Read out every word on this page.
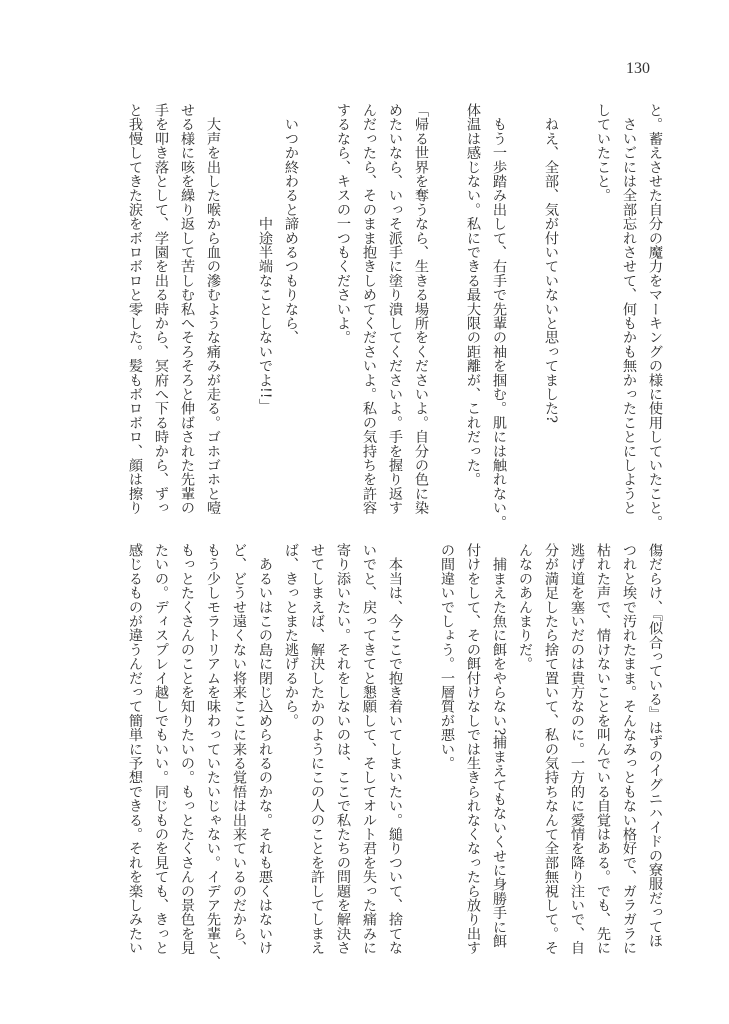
130
と。蓄えさせた自分の魔力をマーキングの様に使用していたこと。
　さいごには全部忘れさせて、何もかも無かったことにしようと
していたこと。
　ねえ、全部、気が付いていないと思ってました?
　もう一歩踏み出して、右手で先輩の袖を掴む。肌には触れない。
体温は感じない。私にできる最大限の距離が、これだった。
「帰る世界を奪うなら、生きる場所をくださいよ。自分の色に染
めたいなら、いっそ派手に塗り潰してくださいよ。手を握り返す
んだったら、そのまま抱きしめてくださいよ。私の気持ちを許容
するなら、キスの一つもくださいよ。
　いつか終わると諦めるつもりなら、
　　　　　　　　中途半端なことしないでよ!!」
　大声を出した喉から血の滲むような痛みが走る。ゴホゴホと噎
せる様に咳を繰り返して苦しむ私へそろそろと伸ばされた先輩の
手を叩き落として、学園を出る時から、冥府へ下る時から、ずっ
と我慢してきた涙をボロボロと零した。髪もボロボロ、顔は擦り
傷だらけ、『似合っている』はずのイグニハイドの寮服だってほ
つれと埃で汚れたまま。そんなみっともない格好で、ガラガラに
枯れた声で、情けないことを叫んでいる自覚はある。でも、先に
逃げ道を塞いだのは貴方なのに。一方的に愛情を降り注いで、自
分が満足したら捨て置いて、私の気持ちなんて全部無視して。そ
んなのあんまりだ。
　捕まえた魚に餌をやらない?捕まえてもないくせに身勝手に餌
付けをして、その餌付けなしでは生きられなくなったら放り出す
の間違いでしょう。一層質が悪い。
　本当は、今ここで抱き着いてしまいたい。縋りついて、捨てな
いでと、戻ってきてと懇願して、そしてオルト君を失った痛みに
寄り添いたい。それをしないのは、ここで私たちの問題を解決さ
せてしまえば、解決したかのようにこの人のことを許してしまえ
ば、きっとまた逃げるから。
　あるいはこの島に閉じ込められるのかな。それも悪くはないけ
ど、どうせ遠くない将来ここに来る覚悟は出来ているのだから、
もう少しモラトリアムを味わっていたいじゃない。イデア先輩と、
もっとたくさんのことを知りたいの。もっとたくさんの景色を見
たいの。ディスプレイ越しでもいい。同じものを見ても、きっと
感じるものが違うんだって簡単に予想できる。それを楽しみたい
